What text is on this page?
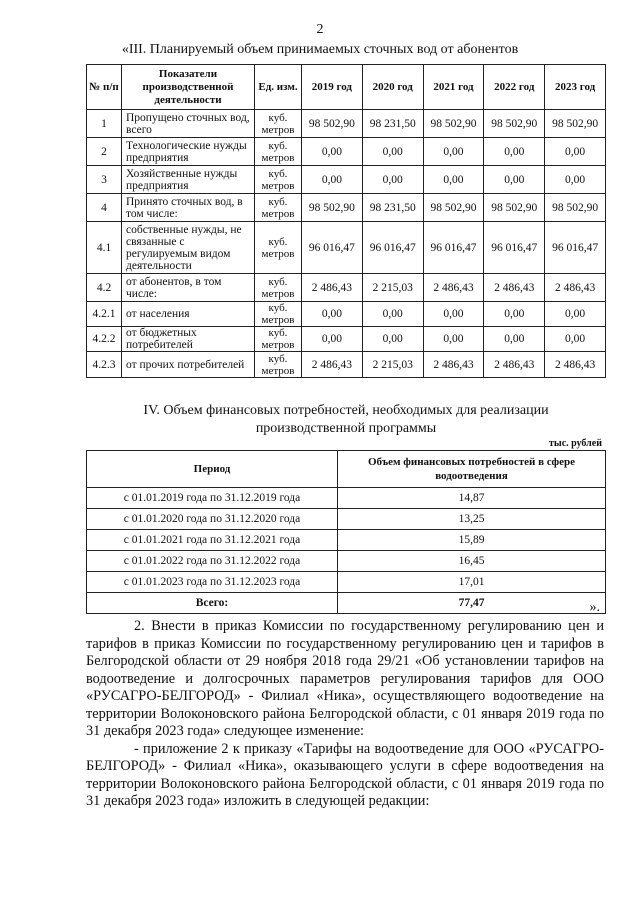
2
«III. Планируемый объем принимаемых сточных вод от абонентов
№ п/п	Показатели производственной деятельности	Ед. изм.	2019 год	2020 год	2021 год	2022 год	2023 год
1	Пропущено сточных вод, всего	куб. метров	98 502,90	98 231,50	98 502,90	98 502,90	98 502,90
2	Технологические нужды предприятия	куб. метров	0,00	0,00	0,00	0,00	0,00
3	Хозяйственные нужды предприятия	куб. метров	0,00	0,00	0,00	0,00	0,00
4	Принято сточных вод, в том числе:	куб. метров	98 502,90	98 231,50	98 502,90	98 502,90	98 502,90
4.1	собственные нужды, не связанные с регулируемым видом деятельности	куб. метров	96 016,47	96 016,47	96 016,47	96 016,47	96 016,47
4.2	от абонентов, в том числе:	куб. метров	2 486,43	2 215,03	2 486,43	2 486,43	2 486,43
4.2.1	от населения	куб. метров	0,00	0,00	0,00	0,00	0,00
4.2.2	от бюджетных потребителей	куб. метров	0,00	0,00	0,00	0,00	0,00
4.2.3	от прочих потребителей	куб. метров	2 486,43	2 215,03	2 486,43	2 486,43	2 486,43
IV. Объем финансовых потребностей, необходимых для реализации
производственной программы
тыс. рублей
Период	Объем финансовых потребностей в сфере водоотведения
с 01.01.2019 года по 31.12.2019 года	14,87
с 01.01.2020 года по 31.12.2020 года	13,25
с 01.01.2021 года по 31.12.2021 года	15,89
с 01.01.2022 года по 31.12.2022 года	16,45
с 01.01.2023 года по 31.12.2023 года	17,01
Всего:	77,47	».

2. Внести в приказ Комиссии по государственному регулированию цен и тарифов в приказ Комиссии по государственному регулированию цен и тарифов в Белгородской области от 29 ноября 2018 года 29/21 «Об установлении тарифов на водоотведение и долгосрочных параметров регулирования тарифов для ООО «РУСАГРО-БЕЛГОРОД» - Филиал «Ника», осуществляющего водоотведение на территории Волоконовского района Белгородской области, с 01 января 2019 года по 31 декабря 2023 года» следующее изменение:

- приложение 2 к приказу «Тарифы на водоотведение для ООО «РУСАГРО-БЕЛГОРОД» - Филиал «Ника», оказывающего услуги в сфере водоотведения на территории Волоконовского района Белгородской области, с 01 января 2019 года по 31 декабря 2023 года» изложить в следующей редакции:
